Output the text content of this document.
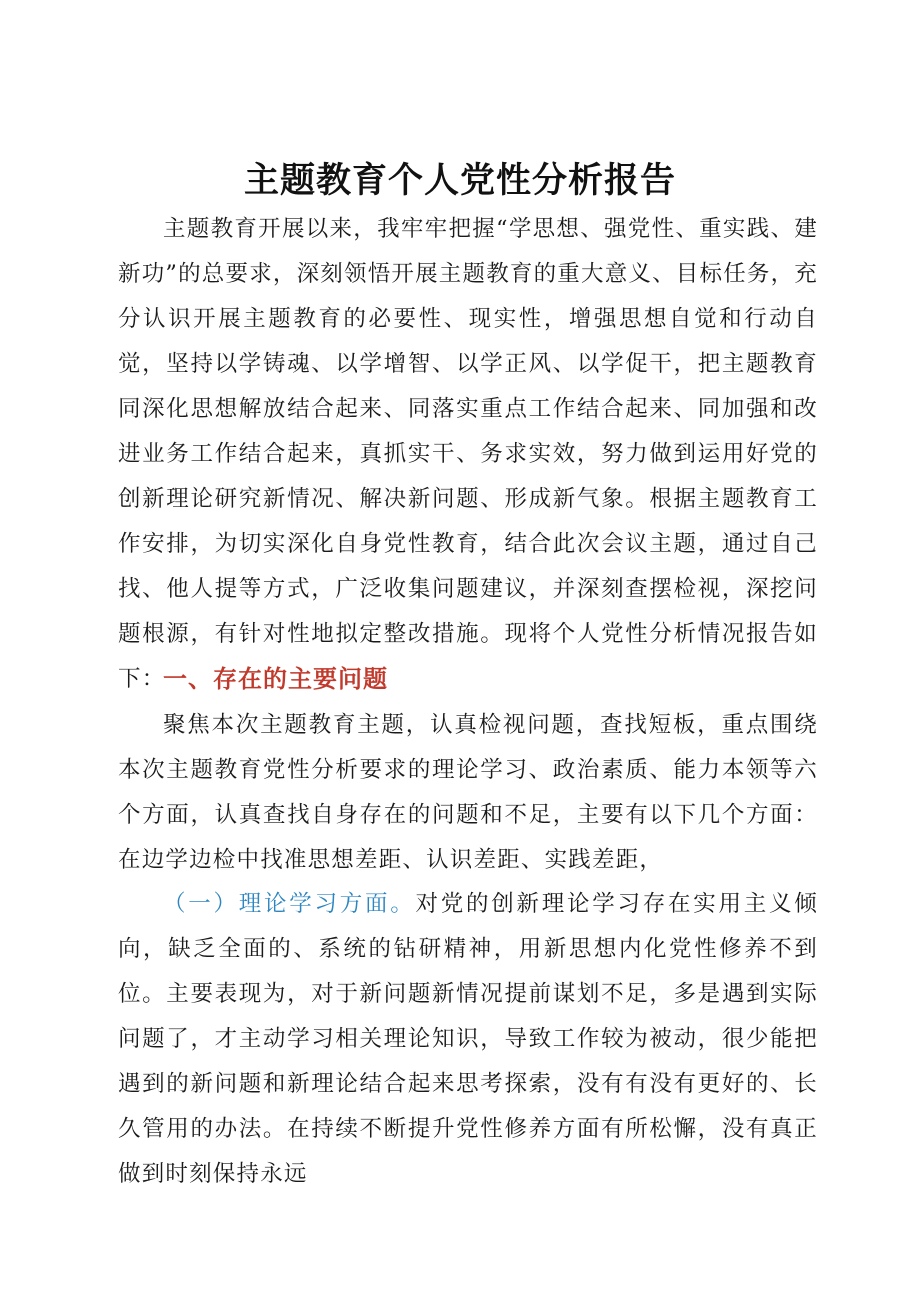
主题教育个人党性分析报告

主题教育开展以来，我牢牢把握“学思想、强党性、重实践、建新功”的总要求，深刻领悟开展主题教育的重大意义、目标任务，充分认识开展主题教育的必要性、现实性，增强思想自觉和行动自觉，坚持以学铸魂、以学增智、以学正风、以学促干，把主题教育同深化思想解放结合起来、同落实重点工作结合起来、同加强和改进业务工作结合起来，真抓实干、务求实效，努力做到运用好党的创新理论研究新情况、解决新问题、形成新气象。根据主题教育工作安排，为切实深化自身党性教育，结合此次会议主题，通过自己找、他人提等方式，广泛收集问题建议，并深刻查摆检视，深挖问题根源，有针对性地拟定整改措施。现将个人党性分析情况报告如下：

一、存在的主要问题

聚焦本次主题教育主题，认真检视问题，查找短板，重点围绕本次主题教育党性分析要求的理论学习、政治素质、能力本领等六个方面，认真查找自身存在的问题和不足，主要有以下几个方面：在边学边检中找准思想差距、认识差距、实践差距，

（一）理论学习方面。对党的创新理论学习存在实用主义倾向，缺乏全面的、系统的钻研精神，用新思想内化党性修养不到位。主要表现为，对于新问题新情况提前谋划不足，多是遇到实际问题了，才主动学习相关理论知识，导致工作较为被动，很少能把遇到的新问题和新理论结合起来思考探索，没有有没有更好的、长久管用的办法。在持续不断提升党性修养方面有所松懈，没有真正做到时刻保持永远
